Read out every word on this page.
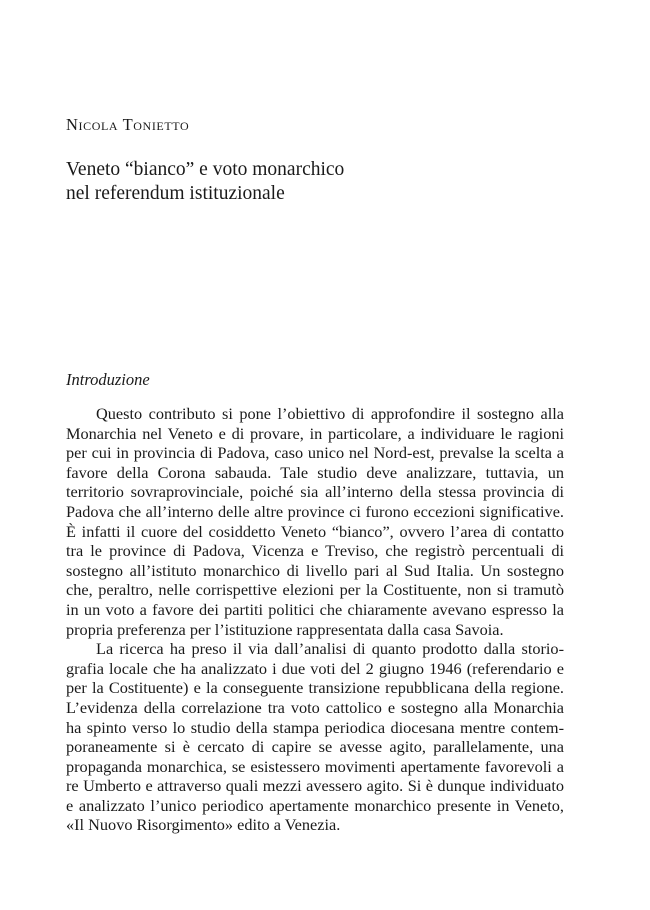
Nicola Tonietto
Veneto “bianco” e voto monarchico
nel referendum istituzionale
Introduzione

Questo contributo si pone l’obiettivo di approfondire il sostegno alla Monarchia nel Veneto e di provare, in particolare, a individuare le ragioni per cui in provincia di Padova, caso unico nel Nord-est, prevalse la scelta a favore della Corona sabauda. Tale studio deve analizzare, tuttavia, un territorio sovraprovinciale, poiché sia all’interno della stessa provincia di Padova che all’interno delle altre province ci furono eccezioni significative. È infatti il cuore del cosiddetto Veneto “bianco”, ovvero l’area di contatto tra le province di Padova, Vicenza e Treviso, che registrò percentuali di sostegno all’istituto monarchico di livello pari al Sud Italia. Un sostegno che, peraltro, nelle corrispettive elezioni per la Costituente, non si tramutò in un voto a favore dei partiti politici che chiaramente avevano espresso la propria preferenza per l’istituzione rappresentata dalla casa Savoia.

La ricerca ha preso il via dall’analisi di quanto prodotto dalla storiografia locale che ha analizzato i due voti del 2 giugno 1946 (referendario e per la Costituente) e la conseguente transizione repubblicana della regione. L’evidenza della correlazione tra voto cattolico e sostegno alla Monarchia ha spinto verso lo studio della stampa periodica diocesana mentre contemporaneamente si è cercato di capire se avesse agito, parallelamente, una propaganda monarchica, se esistessero movimenti apertamente favorevoli a re Umberto e attraverso quali mezzi avessero agito. Si è dunque individuato e analizzato l’unico periodico apertamente monarchico presente in Veneto, «Il Nuovo Risorgimento» edito a Venezia.
